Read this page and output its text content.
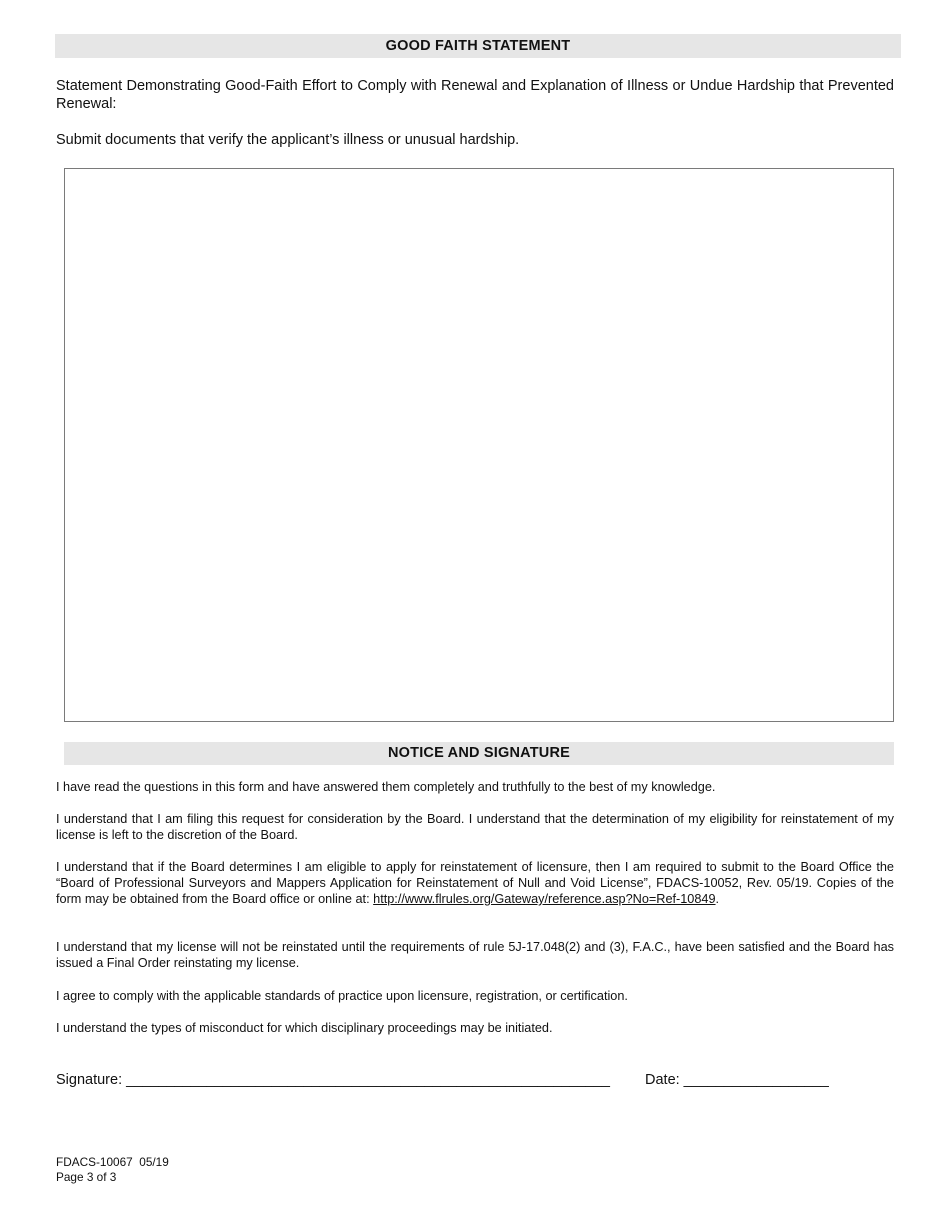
GOOD FAITH STATEMENT
Statement Demonstrating Good-Faith Effort to Comply with Renewal and Explanation of Illness or Undue Hardship that Prevented Renewal:
Submit documents that verify the applicant’s illness or unusual hardship.
NOTICE AND SIGNATURE
I have read the questions in this form and have answered them completely and truthfully to the best of my knowledge.
I understand that I am filing this request for consideration by the Board. I understand that the determination of my eligibility for reinstatement of my license is left to the discretion of the Board.
I understand that if the Board determines I am eligible to apply for reinstatement of licensure, then I am required to submit to the Board Office the “Board of Professional Surveyors and Mappers Application for Reinstatement of Null and Void License”, FDACS-10052, Rev. 05/19. Copies of the form may be obtained from the Board office or online at: http://www.flrules.org/Gateway/reference.asp?No=Ref-10849.
I understand that my license will not be reinstated until the requirements of rule 5J-17.048(2) and (3), F.A.C., have been satisfied and the Board has issued a Final Order reinstating my license.
I agree to comply with the applicable standards of practice upon licensure, registration, or certification.
I understand the types of misconduct for which disciplinary proceedings may be initiated.
Signature: ____________________________________________________________ Date: __________________
FDACS-10067  05/19
Page 3 of 3
